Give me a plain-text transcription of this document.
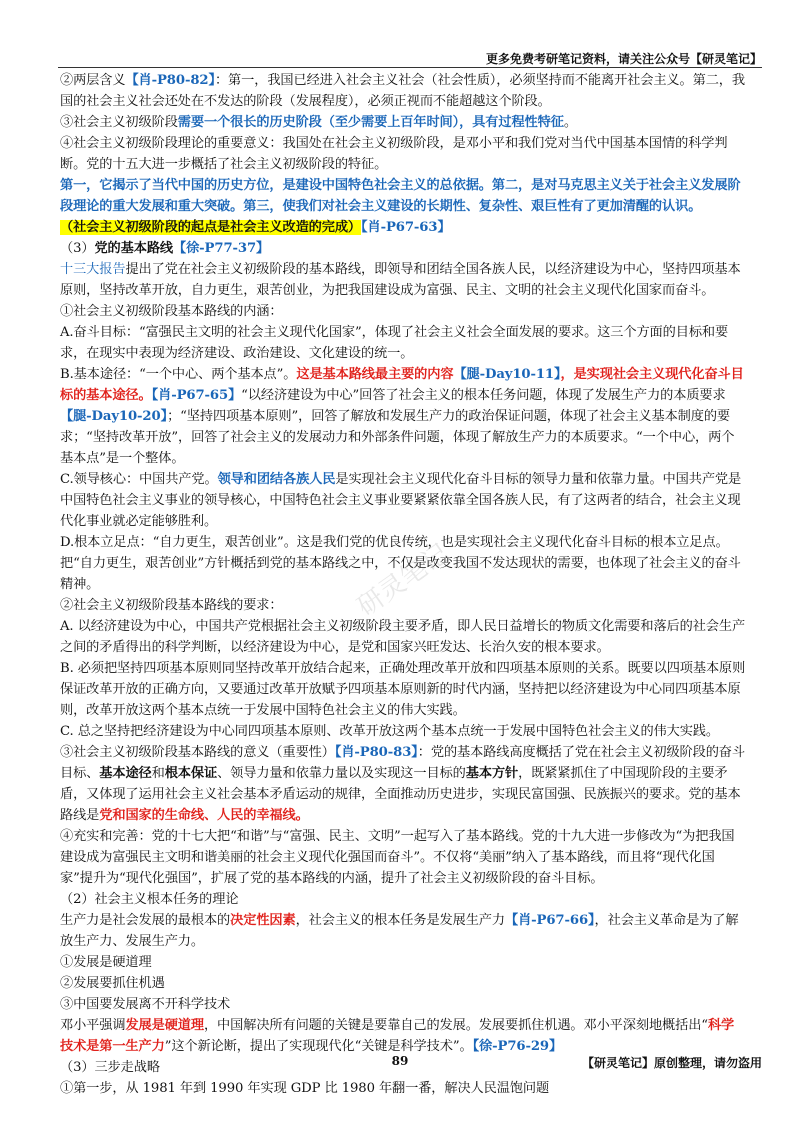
更多免费考研笔记资料，请关注公众号【研灵笔记】
研灵笔记

②两层含义【肖-P80-82】：第一，我国已经进入社会主义社会（社会性质），必须坚持而不能离开社会主义。第二，我国的社会主义社会还处在不发达的阶段（发展程度），必须正视而不能超越这个阶段。

③社会主义初级阶段需要一个很长的历史阶段（至少需要上百年时间），具有过程性特征。

④社会主义初级阶段理论的重要意义：我国处在社会主义初级阶段，是邓小平和我们党对当代中国基本国情的科学判断。党的十五大进一步概括了社会主义初级阶段的特征。

第一，它揭示了当代中国的历史方位，是建设中国特色社会主义的总依据。第二，是对马克思主义关于社会主义发展阶段理论的重大发展和重大突破。第三，使我们对社会主义建设的长期性、复杂性、艰巨性有了更加清醒的认识。

（社会主义初级阶段的起点是社会主义改造的完成）【肖-P67-63】

（3）党的基本路线【徐-P77-37】

十三大报告提出了党在社会主义初级阶段的基本路线，即领导和团结全国各族人民，以经济建设为中心，坚持四项基本原则，坚持改革开放，自力更生，艰苦创业，为把我国建设成为富强、民主、文明的社会主义现代化国家而奋斗。

①社会主义初级阶段基本路线的内涵：

A.奋斗目标：“富强民主文明的社会主义现代化国家”，体现了社会主义社会全面发展的要求。这三个方面的目标和要求，在现实中表现为经济建设、政治建设、文化建设的统一。

B.基本途径：“一个中心、两个基本点”。这是基本路线最主要的内容【腿-Day10-11】，是实现社会主义现代化奋斗目标的基本途径。【肖-P67-65】“以经济建设为中心”回答了社会主义的根本任务问题，体现了发展生产力的本质要求【腿-Day10-20】；“坚持四项基本原则”，回答了解放和发展生产力的政治保证问题，体现了社会主义基本制度的要求；“坚持改革开放”，回答了社会主义的发展动力和外部条件问题，体现了解放生产力的本质要求。“一个中心，两个基本点”是一个整体。

C.领导核心：中国共产党。领导和团结各族人民是实现社会主义现代化奋斗目标的领导力量和依靠力量。中国共产党是中国特色社会主义事业的领导核心，中国特色社会主义事业要紧紧依靠全国各族人民，有了这两者的结合，社会主义现代化事业就必定能够胜利。

D.根本立足点：“自力更生，艰苦创业”。这是我们党的优良传统，也是实现社会主义现代化奋斗目标的根本立足点。把“自力更生，艰苦创业”方针概括到党的基本路线之中，不仅是改变我国不发达现状的需要，也体现了社会主义的奋斗精神。

②社会主义初级阶段基本路线的要求：

A. 以经济建设为中心，中国共产党根据社会主义初级阶段主要矛盾，即人民日益增长的物质文化需要和落后的社会生产之间的矛盾得出的科学判断，以经济建设为中心，是党和国家兴旺发达、长治久安的根本要求。

B. 必须把坚持四项基本原则同坚持改革开放结合起来，正确处理改革开放和四项基本原则的关系。既要以四项基本原则保证改革开放的正确方向，又要通过改革开放赋予四项基本原则新的时代内涵，坚持把以经济建设为中心同四项基本原则，改革开放这两个基本点统一于发展中国特色社会主义的伟大实践。

C. 总之坚持把经济建设为中心同四项基本原则、改革开放这两个基本点统一于发展中国特色社会主义的伟大实践。

③社会主义初级阶段基本路线的意义（重要性）【肖-P80-83】：党的基本路线高度概括了党在社会主义初级阶段的奋斗目标、基本途径和根本保证、领导力量和依靠力量以及实现这一目标的基本方针，既紧紧抓住了中国现阶段的主要矛盾，又体现了运用社会主义社会基本矛盾运动的规律，全面推动历史进步，实现民富国强、民族振兴的要求。党的基本路线是党和国家的生命线、人民的幸福线。

④充实和完善：党的十七大把“和谐”与“富强、民主、文明”一起写入了基本路线。党的十九大进一步修改为“为把我国建设成为富强民主文明和谐美丽的社会主义现代化强国而奋斗”。不仅将“美丽”纳入了基本路线，而且将“现代化国家”提升为“现代化强国”，扩展了党的基本路线的内涵，提升了社会主义初级阶段的奋斗目标。

（2）社会主义根本任务的理论

生产力是社会发展的最根本的决定性因素，社会主义的根本任务是发展生产力【肖-P67-66】，社会主义革命是为了解放生产力、发展生产力。

①发展是硬道理

②发展要抓住机遇

③中国要发展离不开科学技术

邓小平强调发展是硬道理，中国解决所有问题的关键是要靠自己的发展。发展要抓住机遇。邓小平深刻地概括出“科学技术是第一生产力”这个新论断，提出了实现现代化“关键是科学技术”。【徐-P76-29】

（3）三步走战略

①第一步，从 1981 年到 1990 年实现 GDP 比 1980 年翻一番，解决人民温饱问题

89	【研灵笔记】原创整理，请勿盗用
